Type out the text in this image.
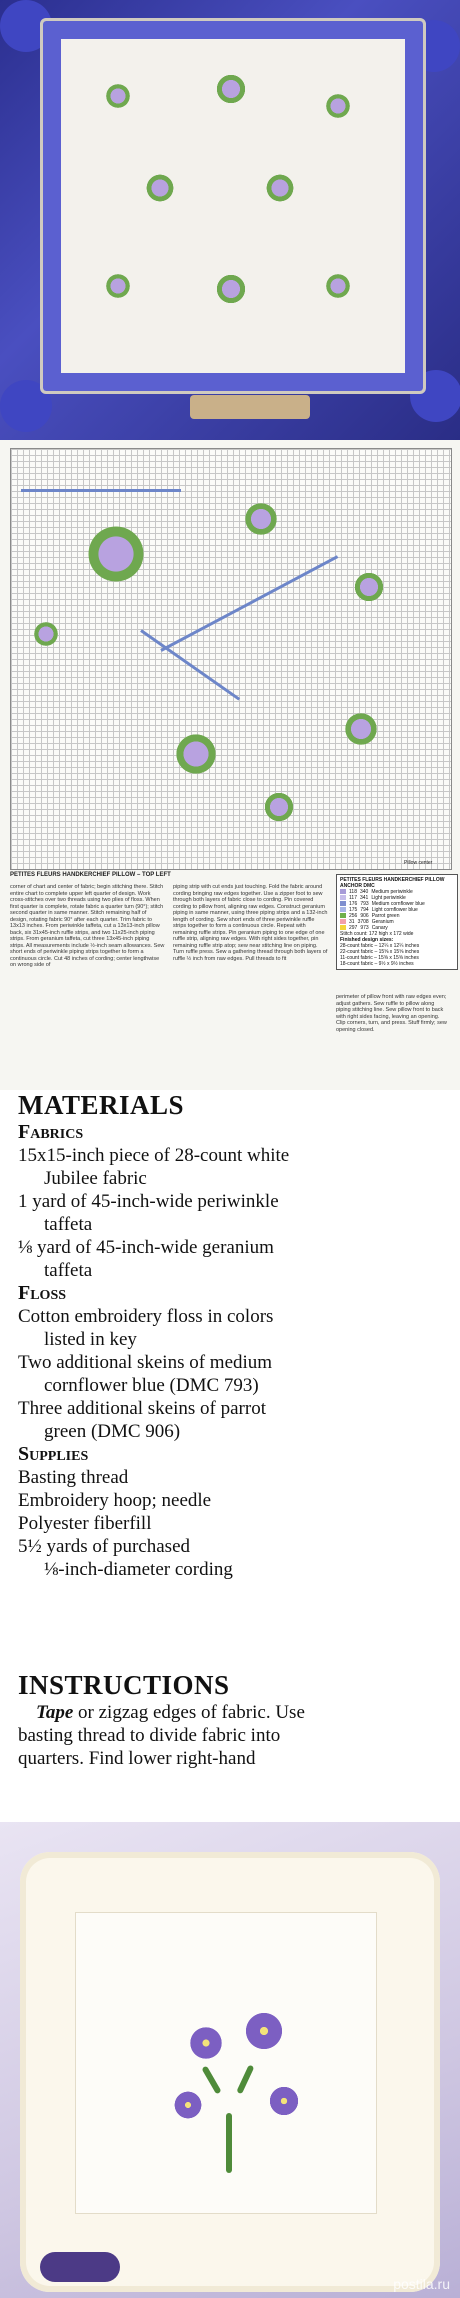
Pillow center
PETITES FLEURS HANDKERCHIEF PILLOW – TOP LEFT
corner of chart and center of fabric; begin stitching there. Stitch entire chart to complete upper left quarter of design. Work cross-stitches over two threads using two plies of floss. When first quarter is complete, rotate fabric a quarter turn (90°); stitch second quarter in same manner. Stitch remaining half of design, rotating fabric 90° after each quarter. Trim fabric to 13x13 inches. From periwinkle taffeta, cut a 13x13-inch pillow back, six 31x45-inch ruffle strips, and two 11x25-inch piping strips. From geranium taffeta, cut three 13x45-inch piping strips. All measurements include ½-inch seam allowances. Sew short ends of periwinkle piping strips together to form a continuous circle. Cut 48 inches of cording; center lengthwise on wrong side of
piping strip with cut ends just touching. Fold the fabric around cording bringing raw edges together. Use a zipper foot to sew through both layers of fabric close to cording. Pin covered cording to pillow front, aligning raw edges. Construct geranium piping in same manner, using three piping strips and a 132-inch length of cording. Sew short ends of three periwinkle ruffle strips together to form a continuous circle. Repeat with remaining ruffle strips. Pin geranium piping to one edge of one ruffle strip, aligning raw edges. With right sides together, pin remaining ruffle strip atop; sew near stitching line on piping. Turn ruffle press. Sew a gathering thread through both layers of ruffle ½ inch from raw edges. Pull threads to fit
perimeter of pillow front with raw edges even; adjust gathers. Sew ruffle to pillow along piping stitching line. Sew pillow front to back with right sides facing, leaving an opening. Clip corners, turn, and press. Stuff firmly; sew opening closed.
PETITES FLEURS HANDKERCHIEF PILLOW
ANCHOR DMC
118 340 Medium periwinkle
117 341 Light periwinkle
176 793 Medium cornflower blue
175 794 Light cornflower blue
256 906 Parrot green
31 3708 Geranium
297 973 Canary
Stitch count: 172 high x 172 wide
Finished design sizes:
28-count fabric – 12¼ x 12¼ inches
22-count fabric – 15⅝ x 15⅝ inches
11-count fabric – 15⅝ x 15⅝ inches
18-count fabric – 9½ x 9½ inches

MATERIALS

Fabrics

15x15-inch piece of 28-count white

Jubilee fabric

1 yard of 45-inch-wide periwinkle

taffeta

⅛ yard of 45-inch-wide geranium

taffeta

Floss

Cotton embroidery floss in colors

listed in key

Two additional skeins of medium

cornflower blue (DMC 793)

Three additional skeins of parrot

green (DMC 906)

Supplies

Basting thread

Embroidery hoop; needle

Polyester fiberfill

5½ yards of purchased

⅛-inch-diameter cording

INSTRUCTIONS

Tape or zigzag edges of fabric. Use

basting thread to divide fabric into

quarters. Find lower right-hand

postila.ru
